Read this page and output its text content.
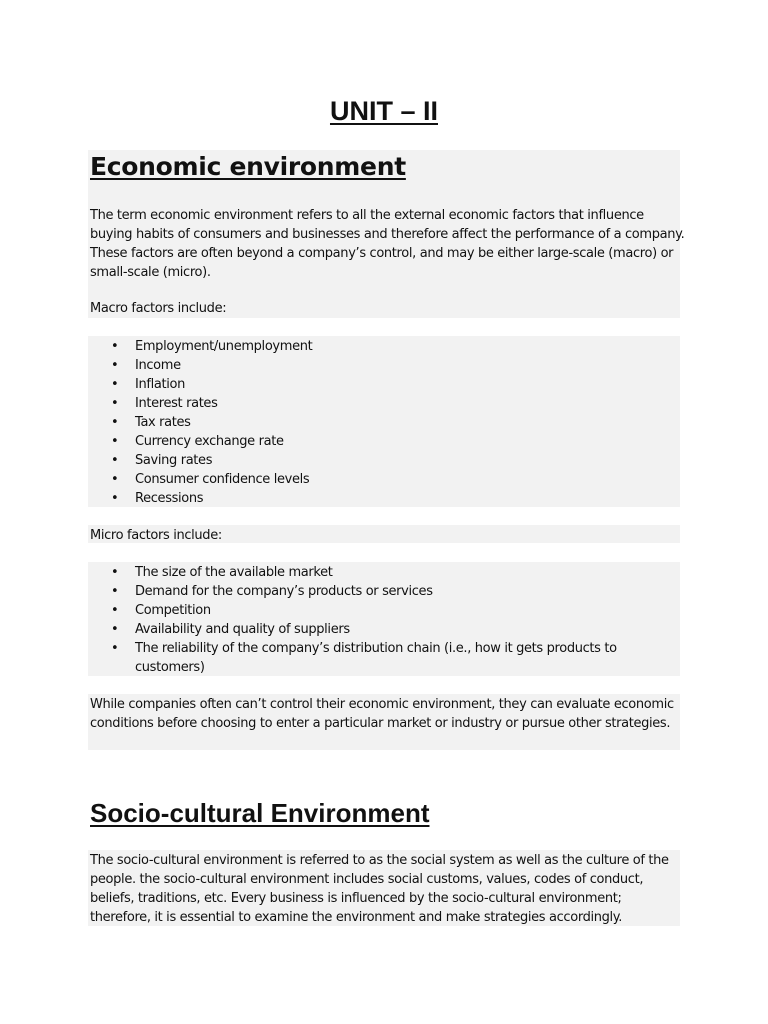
UNIT – II
Economic environment

The term economic environment refers to all the external economic factors that influence
buying habits of consumers and businesses and therefore affect the performance of a company.
These factors are often beyond a company’s control, and may be either large-scale (macro) or
small-scale (micro).

Macro factors include:

• Employment/unemployment
• Income
• Inflation
• Interest rates
• Tax rates
• Currency exchange rate
• Saving rates
• Consumer confidence levels
• Recessions

Micro factors include:

• The size of the available market
• Demand for the company’s products or services
• Competition
• Availability and quality of suppliers
• The reliability of the company’s distribution chain (i.e., how it gets products to
customers)

While companies often can’t control their economic environment, they can evaluate economic
conditions before choosing to enter a particular market or industry or pursue other strategies.

Socio-cultural Environment

The socio-cultural environment is referred to as the social system as well as the culture of the
people. the socio-cultural environment includes social customs, values, codes of conduct,
beliefs, traditions, etc. Every business is influenced by the socio-cultural environment;
therefore, it is essential to examine the environment and make strategies accordingly.
